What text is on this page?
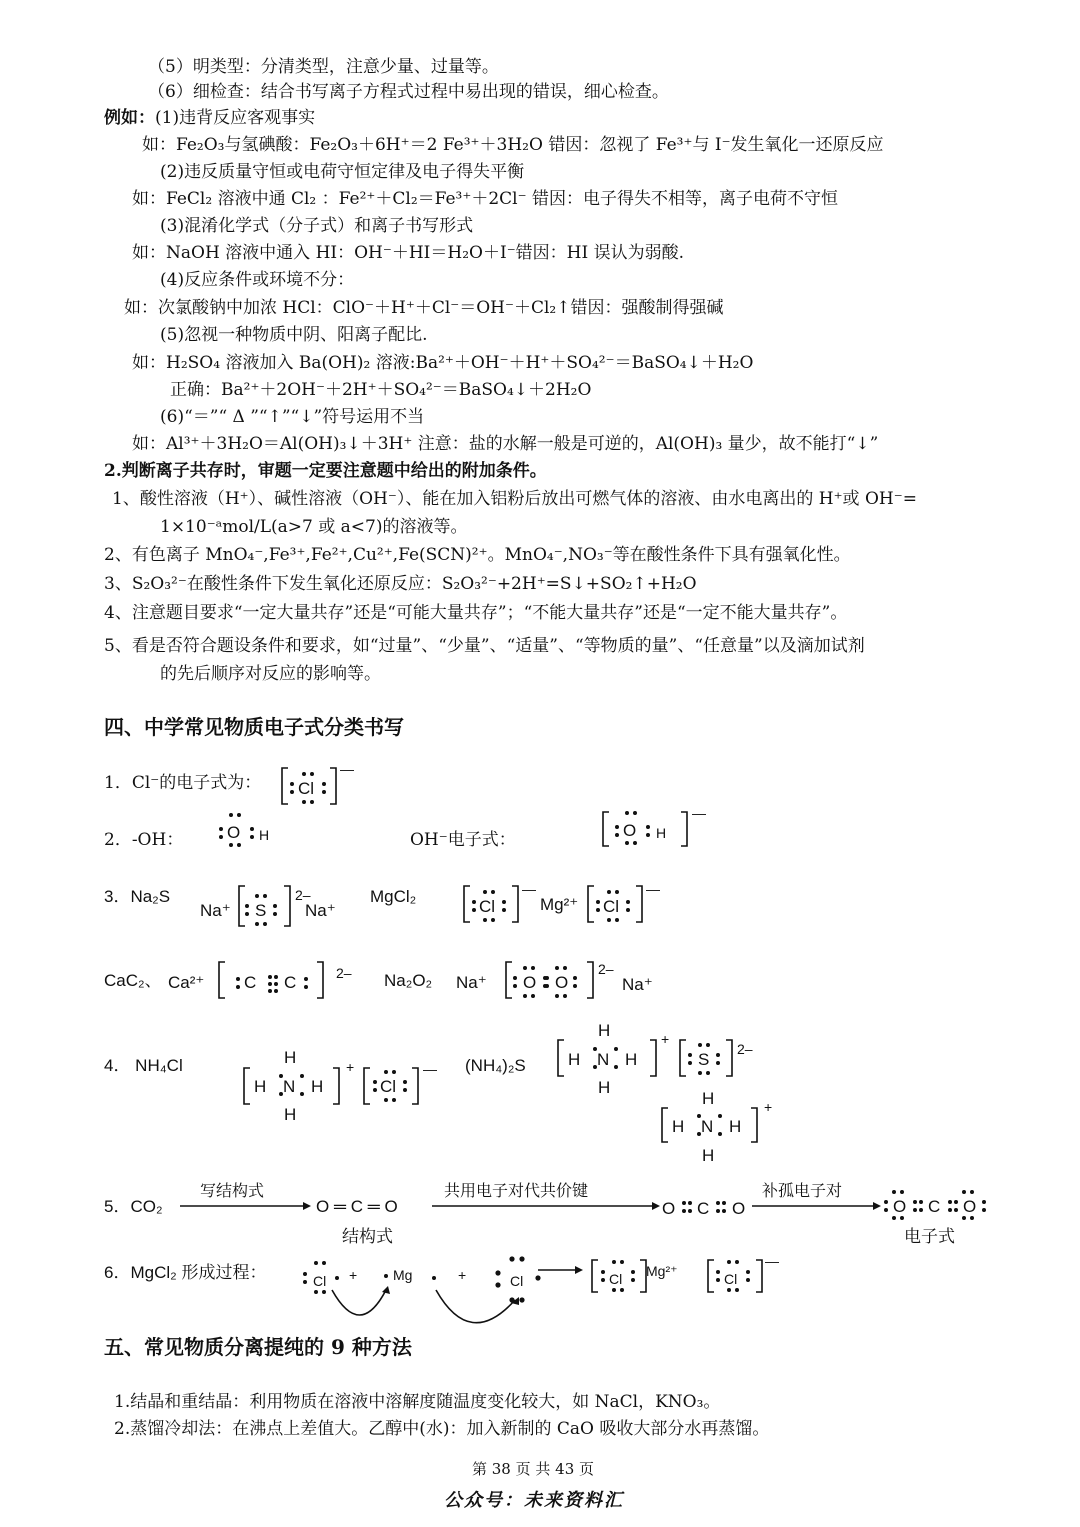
（5）明类型：分清类型，注意少量、过量等。
（6）细检查：结合书写离子方程式过程中易出现的错误，细心检查。
例如：(1)违背反应客观事实
如：Fe₂O₃与氢碘酸：Fe₂O₃＋6H⁺＝2 Fe³⁺＋3H₂O 错因：忽视了 Fe³⁺与 I⁻发生氧化一还原反应
(2)违反质量守恒或电荷守恒定律及电子得失平衡
如：FeCl₂ 溶液中通 Cl₂ ：Fe²⁺＋Cl₂＝Fe³⁺＋2Cl⁻ 错因：电子得失不相等，离子电荷不守恒
(3)混淆化学式（分子式）和离子书写形式
如：NaOH 溶液中通入 HI：OH⁻＋HI＝H₂O＋I⁻错因：HI 误认为弱酸.
(4)反应条件或环境不分：
如：次氯酸钠中加浓 HCl：ClO⁻＋H⁺＋Cl⁻＝OH⁻＋Cl₂↑错因：强酸制得强碱
(5)忽视一种物质中阴、阳离子配比.
如：H₂SO₄ 溶液加入 Ba(OH)₂ 溶液:Ba²⁺＋OH⁻＋H⁺＋SO₄²⁻＝BaSO₄↓＋H₂O
正确：Ba²⁺＋2OH⁻＋2H⁺＋SO₄²⁻＝BaSO₄↓＋2H₂O
(6)“＝”“ Δ ”“↑”“↓”符号运用不当
如：Al³⁺＋3H₂O＝Al(OH)₃↓＋3H⁺ 注意：盐的水解一般是可逆的，Al(OH)₃ 量少，故不能打“↓”
2.判断离子共存时，审题一定要注意题中给出的附加条件。
1、酸性溶液（H⁺）、碱性溶液（OH⁻）、能在加入铝粉后放出可燃气体的溶液、由水电离出的 H⁺或 OH⁻=
1×10⁻ᵃmol/L(a>7 或 a<7)的溶液等。
2、有色离子 MnO₄⁻,Fe³⁺,Fe²⁺,Cu²⁺,Fe(SCN)²⁺。MnO₄⁻,NO₃⁻等在酸性条件下具有强氧化性。
3、S₂O₃²⁻在酸性条件下发生氧化还原反应：S₂O₃²⁻+2H⁺=S↓+SO₂↑+H₂O
4、注意题目要求“一定大量共存”还是“可能大量共存”；“不能大量共存”还是“一定不能大量共存”。
5、看是否符合题设条件和要求，如“过量”、“少量”、“适量”、“等物质的量”、“任意量”以及滴加试剂
的先后顺序对反应的影响等。
四、中学常见物质电子式分类书写
1．Cl⁻的电子式为： Cl
—
2．-OH：	O H	OH⁻电子式：	O H
—
3．Na₂S
Na⁺ S
2–
Na⁺
MgCl₂
Cl
—
Mg²⁺ Cl
—
CaC₂、 Ca²⁺ C C	2– Na₂O₂ Na⁺ O O
2–
Na⁺
4． NH₄Cl	H
H N H
H
+
Cl
— (NH₄)₂S
H
H N H
H
+
S
2–
H
H N H
H
+
5．CO₂
写结构式
O ═ C ═ O
结构式
共用电子对代共价键
O C O
补孤电子对
O C O
电子式
6．MgCl₂ 形成过程：	Cl +	Mg	+	Cl	Cl Mg²⁺	Cl
—
五、常见物质分离提纯的 9 种方法
1.结晶和重结晶：利用物质在溶液中溶解度随温度变化较大，如 NaCl，KNO₃。
2.蒸馏冷却法：在沸点上差值大。乙醇中(水)：加入新制的 CaO 吸收大部分水再蒸馏。
第 38 页 共 43 页
公众号：未来资料汇
